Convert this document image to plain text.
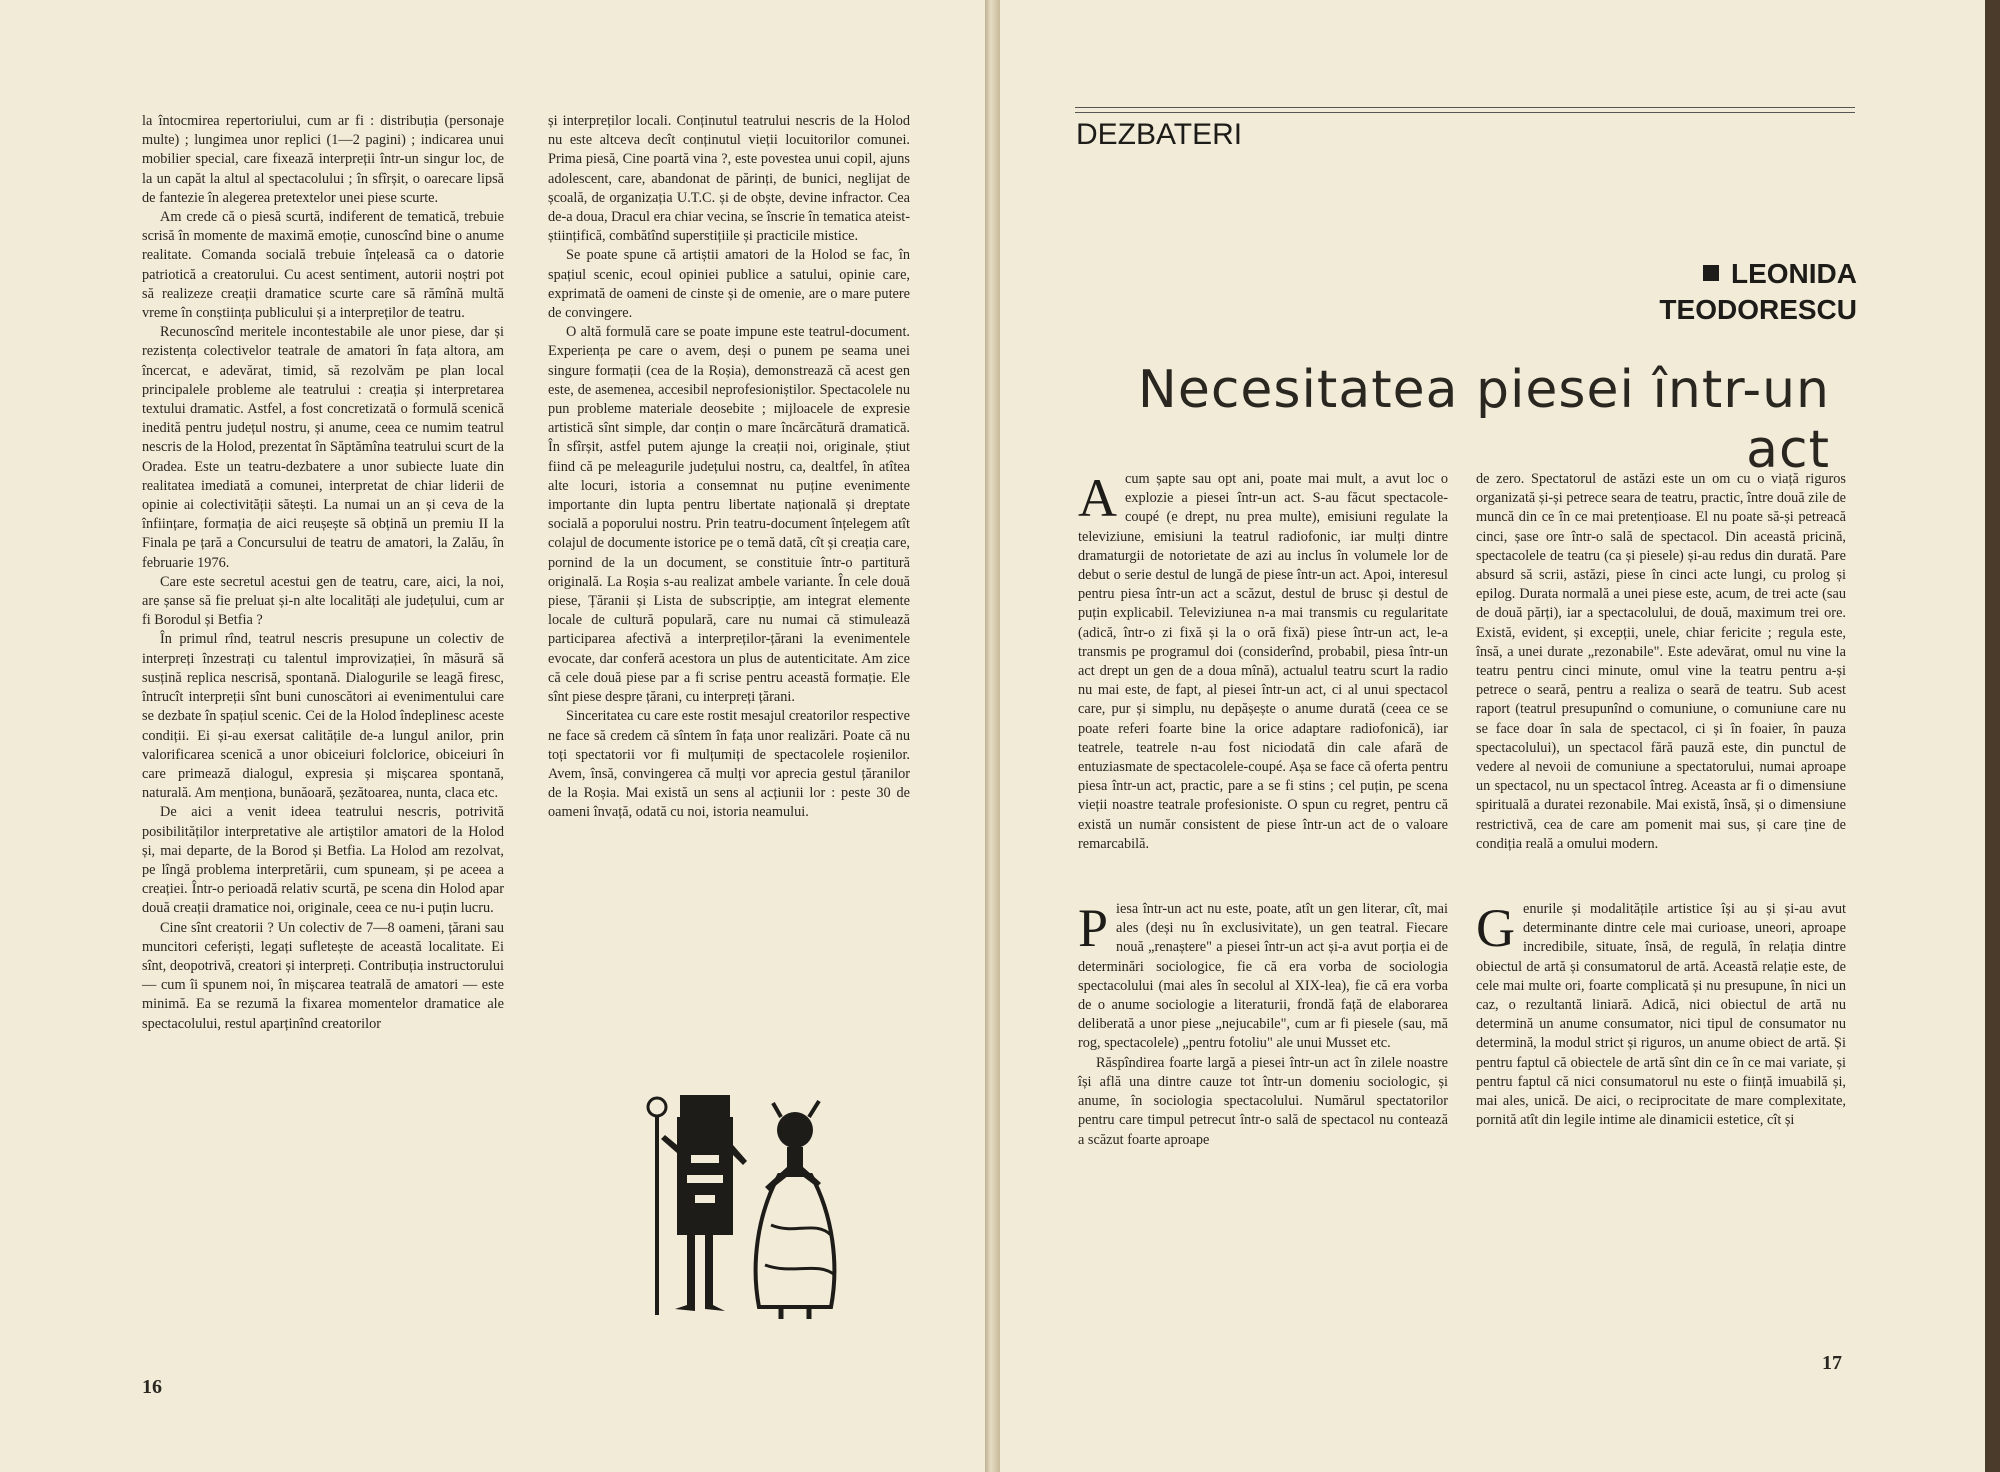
la întocmirea repertoriului, cum ar fi : distribuția (personaje multe) ; lungimea unor replici (1—2 pagini) ; indicarea unui mobilier special, care fixează interpreții într-un singur loc, de la un capăt la altul al spectacolului ; în sfîrșit, o oarecare lipsă de fantezie în alegerea pretextelor unei piese scurte.

Am crede că o piesă scurtă, indiferent de tematică, trebuie scrisă în momente de maximă emoție, cunoscînd bine o anume realitate. Comanda socială trebuie înțeleasă ca o datorie patriotică a creatorului. Cu acest sentiment, autorii noștri pot să realizeze creații dramatice scurte care să rămînă multă vreme în conștiința publicului și a interpreților de teatru.

Recunoscînd meritele incontestabile ale unor piese, dar și rezistența colectivelor teatrale de amatori în fața altora, am încercat, e adevărat, timid, să rezolvăm pe plan local principalele probleme ale teatrului : creația și interpretarea textului dramatic. Astfel, a fost concretizată o formulă scenică inedită pentru județul nostru, și anume, ceea ce numim teatrul nescris de la Holod, prezentat în Săptămîna teatrului scurt de la Oradea. Este un teatru-dezbatere a unor subiecte luate din realitatea imediată a comunei, interpretat de chiar liderii de opinie ai colectivității sătești. La numai un an și ceva de la înființare, formația de aici reușește să obțină un premiu II la Finala pe țară a Concursului de teatru de amatori, la Zalău, în februarie 1976.

Care este secretul acestui gen de teatru, care, aici, la noi, are șanse să fie preluat și-n alte localități ale județului, cum ar fi Borodul și Betfia ?

În primul rînd, teatrul nescris presupune un colectiv de interpreți înzestrați cu talentul improvizației, în măsură să susțină replica nescrisă, spontană. Dialogurile se leagă firesc, întrucît interpreții sînt buni cunoscători ai evenimentului care se dezbate în spațiul scenic. Cei de la Holod îndeplinesc aceste condiții. Ei și-au exersat calitățile de-a lungul anilor, prin valorificarea scenică a unor obiceiuri folclorice, obiceiuri în care primează dialogul, expresia și mișcarea spontană, naturală. Am menționa, bunăoară, șezătoarea, nunta, claca etc.

De aici a venit ideea teatrului nescris, potrivită posibilităților interpretative ale artiștilor amatori de la Holod și, mai departe, de la Borod și Betfia. La Holod am rezolvat, pe lîngă problema interpretării, cum spuneam, și pe aceea a creației. Într-o perioadă relativ scurtă, pe scena din Holod apar două creații dramatice noi, originale, ceea ce nu-i puțin lucru.

Cine sînt creatorii ? Un colectiv de 7—8 oameni, țărani sau muncitori ceferiști, legați sufletește de această localitate. Ei sînt, deopotrivă, creatori și interpreți. Contribuția instructorului — cum îi spunem noi, în mișcarea teatrală de amatori — este minimă. Ea se rezumă la fixarea momentelor dramatice ale spectacolului, restul aparținînd creatorilor

și interpreților locali. Conținutul teatrului nescris de la Holod nu este altceva decît conținutul vieții locuitorilor comunei. Prima piesă, Cine poartă vina ?, este povestea unui copil, ajuns adolescent, care, abandonat de părinți, de bunici, neglijat de școală, de organizația U.T.C. și de obște, devine infractor. Cea de-a doua, Dracul era chiar vecina, se înscrie în tematica ateist-științifică, combătînd superstițiile și practicile mistice.

Se poate spune că artiștii amatori de la Holod se fac, în spațiul scenic, ecoul opiniei publice a satului, opinie care, exprimată de oameni de cinste și de omenie, are o mare putere de convingere.

O altă formulă care se poate impune este teatrul-document. Experiența pe care o avem, deși o punem pe seama unei singure formații (cea de la Roșia), demonstrează că acest gen este, de asemenea, accesibil neprofesioniștilor. Spectacolele nu pun probleme materiale deosebite ; mijloacele de expresie artistică sînt simple, dar conțin o mare încărcătură dramatică. În sfîrșit, astfel putem ajunge la creații noi, originale, știut fiind că pe meleagurile județului nostru, ca, dealtfel, în atîtea alte locuri, istoria a consemnat nu puține evenimente importante din lupta pentru libertate națională și dreptate socială a poporului nostru. Prin teatru-document înțelegem atît colajul de documente istorice pe o temă dată, cît și creația care, pornind de la un document, se constituie într-o partitură originală. La Roșia s-au realizat ambele variante. În cele două piese, Țăranii și Lista de subscripție, am integrat elemente locale de cultură populară, care nu numai că stimulează participarea afectivă a interpreților-țărani la evenimentele evocate, dar conferă acestora un plus de autenticitate. Am zice că cele două piese par a fi scrise pentru această formație. Ele sînt piese despre țărani, cu interpreți țărani.

Sinceritatea cu care este rostit mesajul creatorilor respective ne face să credem că sîntem în fața unor realizări. Poate că nu toți spectatorii vor fi mulțumiți de spectacolele roșienilor. Avem, însă, convingerea că mulți vor aprecia gestul țăranilor de la Roșia. Mai există un sens al acțiunii lor : peste 30 de oameni învață, odată cu noi, istoria neamului.

16
DEZBATERI
LEONIDA
TEODORESCU
Necesitatea piesei într-un act

Acum șapte sau opt ani, poate mai mult, a avut loc o explozie a piesei într-un act. S-au făcut spectacole-coupé (e drept, nu prea multe), emisiuni regulate la televiziune, emisiuni la teatrul radiofonic, iar mulți dintre dramaturgii de notorietate de azi au inclus în volumele lor de debut o serie destul de lungă de piese într-un act. Apoi, interesul pentru piesa într-un act a scăzut, destul de brusc și destul de puțin explicabil. Televiziunea n-a mai transmis cu regularitate (adică, într-o zi fixă și la o oră fixă) piese într-un act, le-a transmis pe programul doi (considerînd, probabil, piesa într-un act drept un gen de a doua mînă), actualul teatru scurt la radio nu mai este, de fapt, al piesei într-un act, ci al unui spectacol care, pur și simplu, nu depășește o anume durată (ceea ce se poate referi foarte bine la orice adaptare radiofonică), iar teatrele, teatrele n-au fost niciodată din cale afară de entuziasmate de spectacolele-coupé. Așa se face că oferta pentru piesa într-un act, practic, pare a se fi stins ; cel puțin, pe scena vieții noastre teatrale profesioniste. O spun cu regret, pentru că există un număr consistent de piese într-un act de o valoare remarcabilă.

Piesa într-un act nu este, poate, atît un gen literar, cît, mai ales (deși nu în exclusivitate), un gen teatral. Fiecare nouă „renaștere" a piesei într-un act și-a avut porția ei de determinări sociologice, fie că era vorba de sociologia spectacolului (mai ales în secolul al XIX-lea), fie că era vorba de o anume sociologie a literaturii, frondă față de elaborarea deliberată a unor piese „nejucabile", cum ar fi piesele (sau, mă rog, spectacolele) „pentru fotoliu" ale unui Musset etc.

Răspîndirea foarte largă a piesei într-un act în zilele noastre își află una dintre cauze tot într-un domeniu sociologic, și anume, în sociologia spectacolului. Numărul spectatorilor pentru care timpul petrecut într-o sală de spectacol nu contează a scăzut foarte aproape

de zero. Spectatorul de astăzi este un om cu o viață riguros organizată și-și petrece seara de teatru, practic, între două zile de muncă din ce în ce mai pretențioase. El nu poate să-și petreacă cinci, șase ore într-o sală de spectacol. Din această pricină, spectacolele de teatru (ca și piesele) și-au redus din durată. Pare absurd să scrii, astăzi, piese în cinci acte lungi, cu prolog și epilog. Durata normală a unei piese este, acum, de trei acte (sau de două părți), iar a spectacolului, de două, maximum trei ore. Există, evident, și excepții, unele, chiar fericite ; regula este, însă, a unei durate „rezonabile". Este adevărat, omul nu vine la teatru pentru cinci minute, omul vine la teatru pentru a-și petrece o seară, pentru a realiza o seară de teatru. Sub acest raport (teatrul presupunînd o comuniune, o comuniune care nu se face doar în sala de spectacol, ci și în foaier, în pauza spectacolului), un spectacol fără pauză este, din punctul de vedere al nevoii de comuniune a spectatorului, numai aproape un spectacol, nu un spectacol întreg. Aceasta ar fi o dimensiune spirituală a duratei rezonabile. Mai există, însă, și o dimensiune restrictivă, cea de care am pomenit mai sus, și care ține de condiția reală a omului modern.

Genurile și modalitățile artistice își au și și-au avut determinante dintre cele mai curioase, uneori, aproape incredibile, situate, însă, de regulă, în relația dintre obiectul de artă și consumatorul de artă. Această relație este, de cele mai multe ori, foarte complicată și nu presupune, în nici un caz, o rezultantă liniară. Adică, nici obiectul de artă nu determină un anume consumator, nici tipul de consumator nu determină, la modul strict și riguros, un anume obiect de artă. Și pentru faptul că obiectele de artă sînt din ce în ce mai variate, și pentru faptul că nici consumatorul nu este o ființă imuabilă și, mai ales, unică. De aici, o reciprocitate de mare complexitate, pornită atît din legile intime ale dinamicii estetice, cît și

17
